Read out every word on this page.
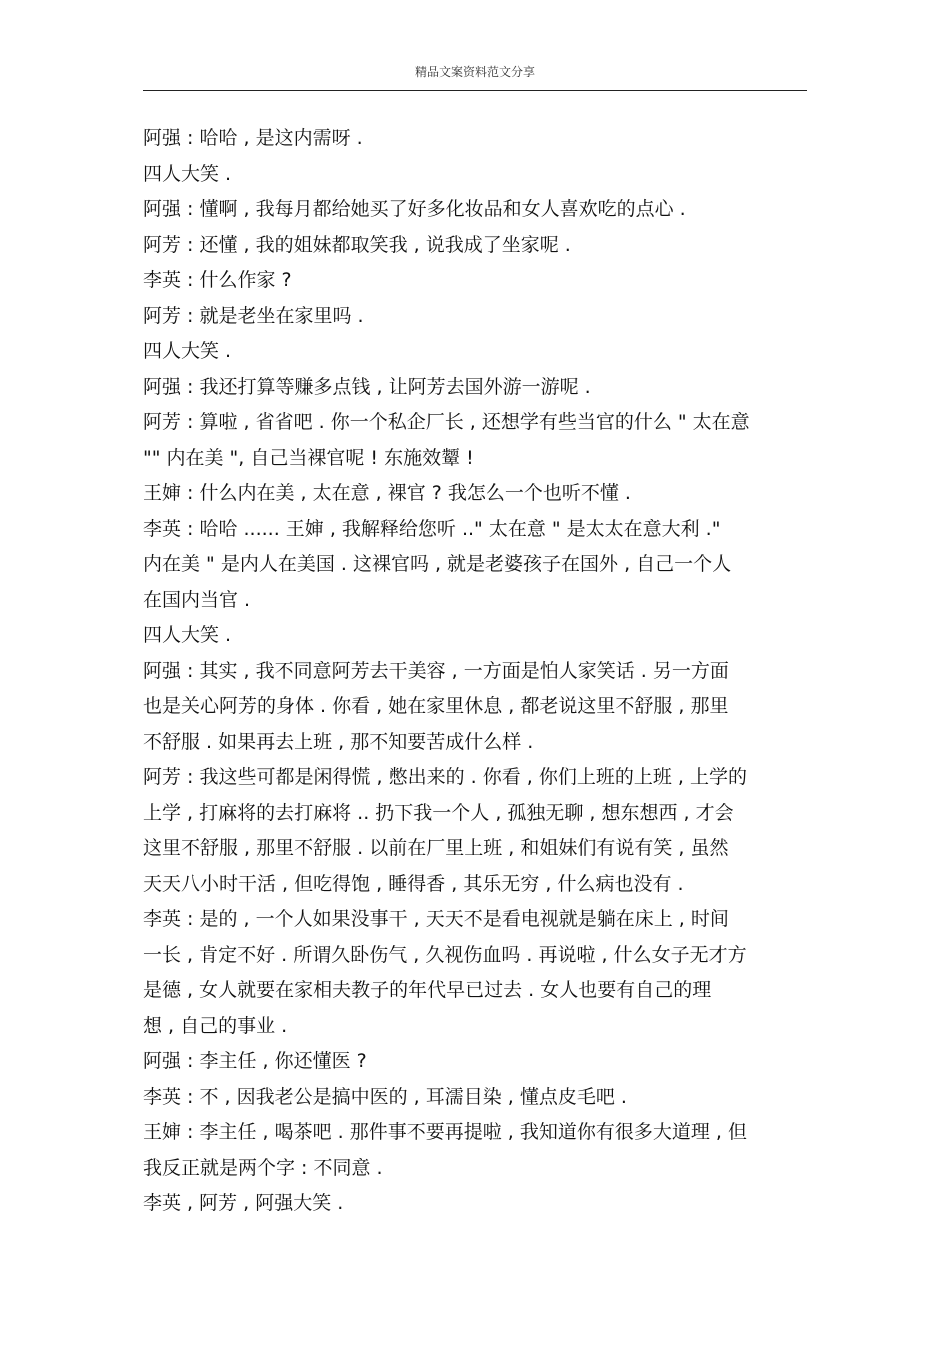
精品文案资料范文分享
阿强 : 哈哈 , 是这内需呀 .
四人大笑 .
阿强 : 懂啊 , 我每月都给她买了好多化妆品和女人喜欢吃的点心 .
阿芳 : 还懂 , 我的姐妹都取笑我 , 说我成了坐家呢 .
李英 : 什么作家 ?
阿芳 : 就是老坐在家里吗 .
四人大笑 .
阿强 : 我还打算等赚多点钱 , 让阿芳去国外游一游呢 .
阿芳 : 算啦 , 省省吧 . 你一个私企厂长 , 还想学有些当官的什么 " 太在意
"" 内在美 ", 自己当裸官呢 ! 东施效颦 !
王婶 : 什么内在美 , 太在意 , 裸官 ? 我怎么一个也听不懂 .
李英 : 哈哈 ...... 王婶 , 我解释给您听 .." 太在意 " 是太太在意大利 ."
内在美 " 是内人在美国 . 这裸官吗 , 就是老婆孩子在国外 , 自己一个人
在国内当官 .
四人大笑 .
阿强 : 其实 , 我不同意阿芳去干美容 , 一方面是怕人家笑话 . 另一方面
也是关心阿芳的身体 . 你看 , 她在家里休息 , 都老说这里不舒服 , 那里
不舒服 . 如果再去上班 , 那不知要苦成什么样 .
阿芳 : 我这些可都是闲得慌 , 憋出来的 . 你看 , 你们上班的上班 , 上学的
上学 , 打麻将的去打麻将 .. 扔下我一个人 , 孤独无聊 , 想东想西 , 才会
这里不舒服 , 那里不舒服 . 以前在厂里上班 , 和姐妹们有说有笑 , 虽然
天天八小时干活 , 但吃得饱 , 睡得香 , 其乐无穷 , 什么病也没有 .
李英 : 是的 , 一个人如果没事干 , 天天不是看电视就是躺在床上 , 时间
一长 , 肯定不好 . 所谓久卧伤气 , 久视伤血吗 . 再说啦 , 什么女子无才方
是德 , 女人就要在家相夫教子的年代早已过去 . 女人也要有自己的理
想 , 自己的事业 .
阿强 : 李主任 , 你还懂医 ?
李英 : 不 , 因我老公是搞中医的 , 耳濡目染 , 懂点皮毛吧 .
王婶 : 李主任 , 喝茶吧 . 那件事不要再提啦 , 我知道你有很多大道理 , 但
我反正就是两个字 : 不同意 .
李英 , 阿芳 , 阿强大笑 .
